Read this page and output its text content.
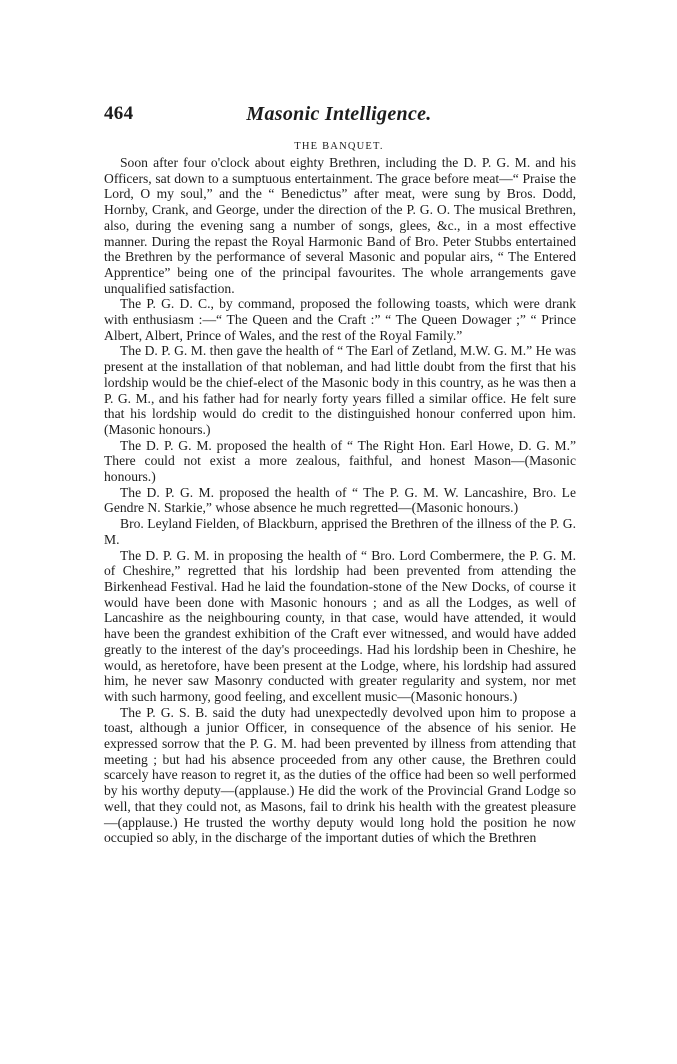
464	Masonic Intelligence.
THE BANQUET.

Soon after four o'clock about eighty Brethren, including the D. P. G. M. and his Officers, sat down to a sumptuous entertainment. The grace before meat—“ Praise the Lord, O my soul,” and the “ Benedictus” after meat, were sung by Bros. Dodd, Hornby, Crank, and George, under the direction of the P. G. O. The musical Brethren, also, during the evening sang a number of songs, glees, &c., in a most effective manner. During the repast the Royal Harmonic Band of Bro. Peter Stubbs entertained the Brethren by the performance of several Masonic and popular airs, “ The Entered Apprentice” being one of the principal favourites. The whole arrangements gave unqualified satisfaction.

The P. G. D. C., by command, proposed the following toasts, which were drank with enthusiasm :—“ The Queen and the Craft :” “ The Queen Dowager ;” “ Prince Albert, Albert, Prince of Wales, and the rest of the Royal Family.”

The D. P. G. M. then gave the health of “ The Earl of Zetland, M.W. G. M.” He was present at the installation of that nobleman, and had little doubt from the first that his lordship would be the chief-elect of the Masonic body in this country, as he was then a P. G. M., and his father had for nearly forty years filled a similar office. He felt sure that his lordship would do credit to the distinguished honour conferred upon him. (Masonic honours.)

The D. P. G. M. proposed the health of “ The Right Hon. Earl Howe, D. G. M.” There could not exist a more zealous, faithful, and honest Mason—(Masonic honours.)

The D. P. G. M. proposed the health of “ The P. G. M. W. Lancashire, Bro. Le Gendre N. Starkie,” whose absence he much regretted—(Masonic honours.)

Bro. Leyland Fielden, of Blackburn, apprised the Brethren of the illness of the P. G. M.

The D. P. G. M. in proposing the health of “ Bro. Lord Combermere, the P. G. M. of Cheshire,” regretted that his lordship had been prevented from attending the Birkenhead Festival. Had he laid the foundation-stone of the New Docks, of course it would have been done with Masonic honours ; and as all the Lodges, as well of Lancashire as the neighbouring county, in that case, would have attended, it would have been the grandest exhibition of the Craft ever witnessed, and would have added greatly to the interest of the day's proceedings. Had his lordship been in Cheshire, he would, as heretofore, have been present at the Lodge, where, his lordship had assured him, he never saw Masonry conducted with greater regularity and system, nor met with such harmony, good feeling, and excellent music—(Masonic honours.)

The P. G. S. B. said the duty had unexpectedly devolved upon him to propose a toast, although a junior Officer, in consequence of the absence of his senior. He expressed sorrow that the P. G. M. had been prevented by illness from attending that meeting ; but had his absence proceeded from any other cause, the Brethren could scarcely have reason to regret it, as the duties of the office had been so well performed by his worthy deputy—(applause.) He did the work of the Provincial Grand Lodge so well, that they could not, as Masons, fail to drink his health with the greatest pleasure—(applause.) He trusted the worthy deputy would long hold the position he now occupied so ably, in the discharge of the important duties of which the Brethren
